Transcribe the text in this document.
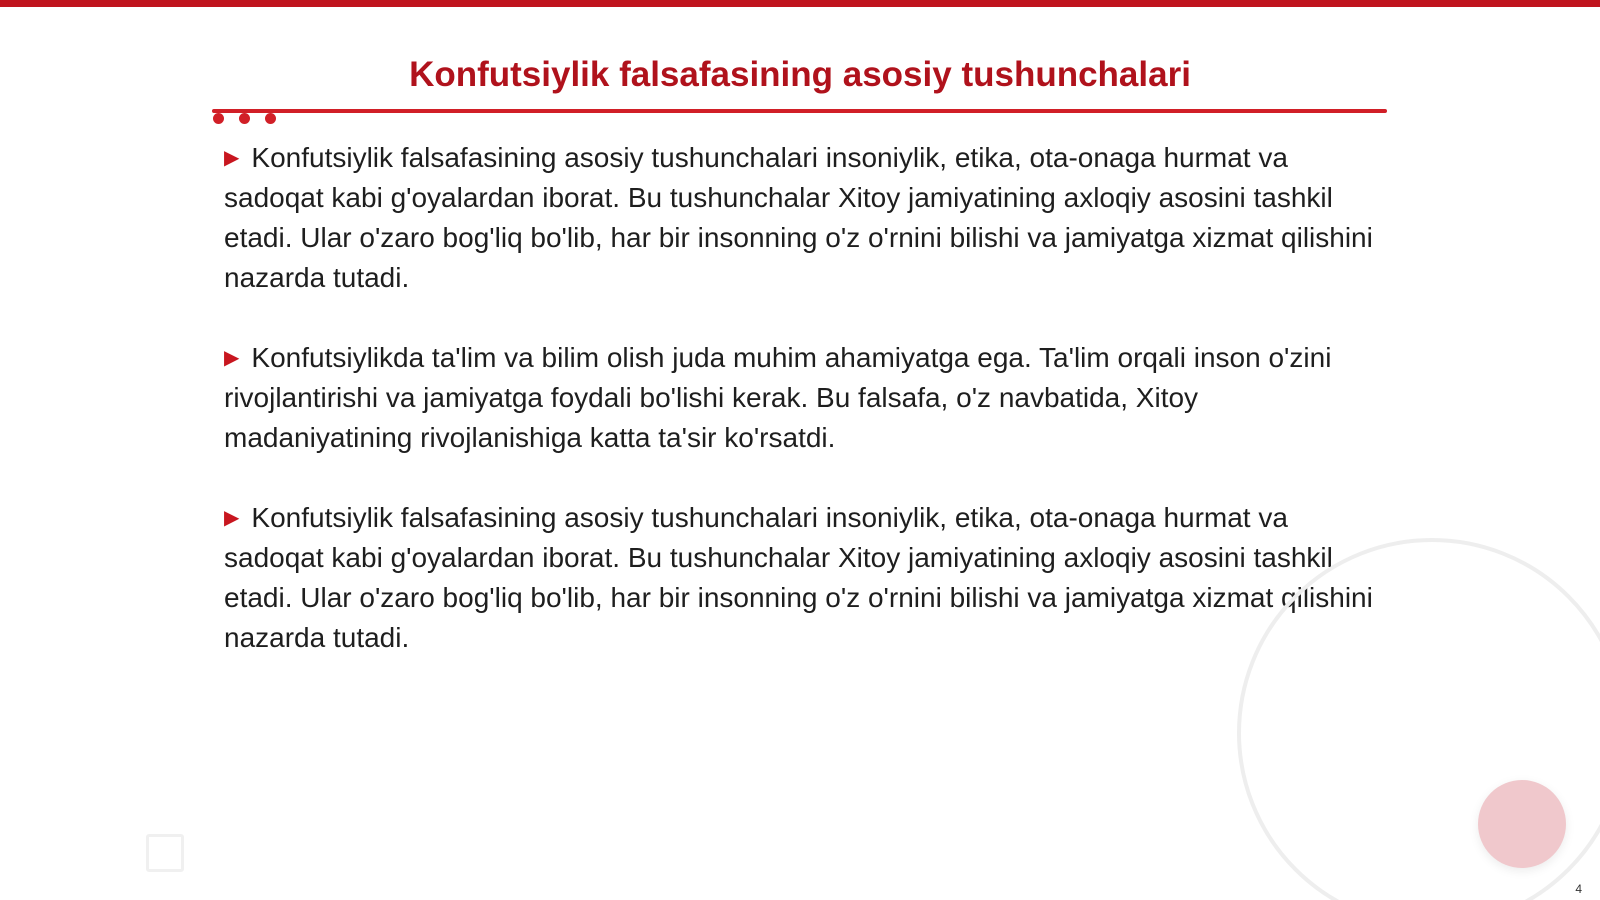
Konfutsiylik falsafasining asosiy tushunchalari

▶ Konfutsiylik falsafasining asosiy tushunchalari insoniylik, etika, ota-onaga hurmat va sadoqat kabi g'oyalardan iborat. Bu tushunchalar Xitoy jamiyatining axloqiy asosini tashkil etadi. Ular o'zaro bog'liq bo'lib, har bir insonning o'z o'rnini bilishi va jamiyatga xizmat qilishini nazarda tutadi.

▶ Konfutsiylikda ta'lim va bilim olish juda muhim ahamiyatga ega. Ta'lim orqali inson o'zini rivojlantirishi va jamiyatga foydali bo'lishi kerak. Bu falsafa, o'z navbatida, Xitoy madaniyatining rivojlanishiga katta ta'sir ko'rsatdi.

▶ Konfutsiylik falsafasining asosiy tushunchalari insoniylik, etika, ota-onaga hurmat va sadoqat kabi g'oyalardan iborat. Bu tushunchalar Xitoy jamiyatining axloqiy asosini tashkil etadi. Ular o'zaro bog'liq bo'lib, har bir insonning o'z o'rnini bilishi va jamiyatga xizmat qilishini nazarda tutadi.

4
